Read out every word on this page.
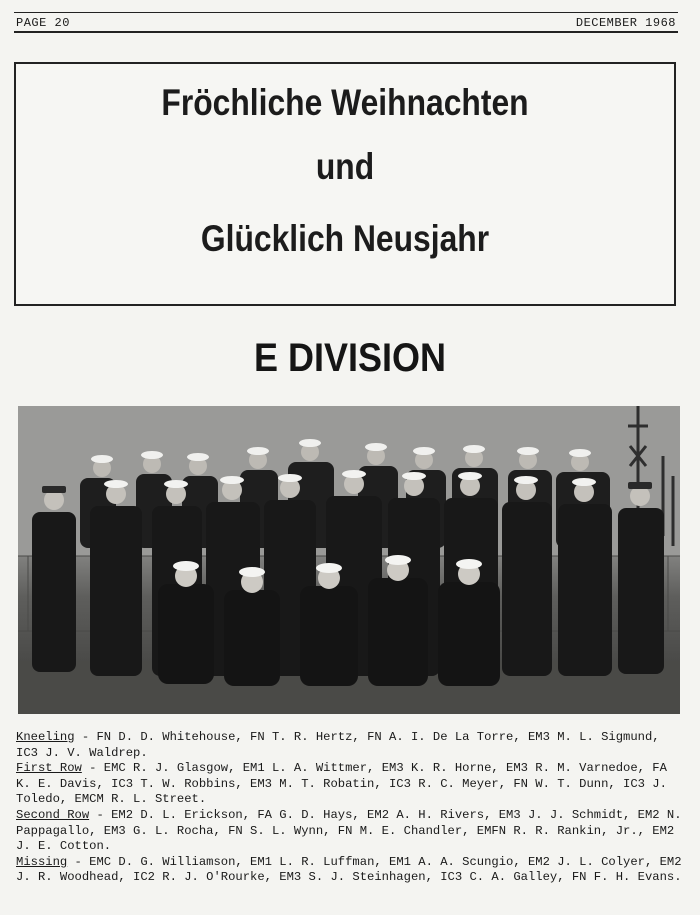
PAGE 20	DECEMBER 1968
Fröchliche Weihnachten
und
Glücklich Neusjahr
E DIVISION

Kneeling - FN D. D. Whitehouse, FN T. R. Hertz, FN A. I. De La Torre, EM3 M. L. Sigmund, IC3 J. V. Waldrep.

First Row - EMC R. J. Glasgow, EM1 L. A. Wittmer, EM3 K. R. Horne, EM3 R. M. Varnedoe, FA K. E. Davis, IC3 T. W. Robbins, EM3 M. T. Robatin, IC3 R. C. Meyer, FN W. T. Dunn, IC3 J. Toledo, EMCM R. L. Street.

Second Row - EM2 D. L. Erickson, FA G. D. Hays, EM2 A. H. Rivers, EM3 J. J. Schmidt, EM2 N. Pappagallo, EM3 G. L. Rocha, FN S. L. Wynn, FN M. E. Chandler, EMFN R. R. Rankin, Jr., EM2 J. E. Cotton.

Missing - EMC D. G. Williamson, EM1 L. R. Luffman, EM1 A. A. Scungio, EM2 J. L. Colyer, EM2 J. R. Woodhead, IC2 R. J. O'Rourke, EM3 S. J. Steinhagen, IC3 C. A. Galley, FN F. H. Evans.
